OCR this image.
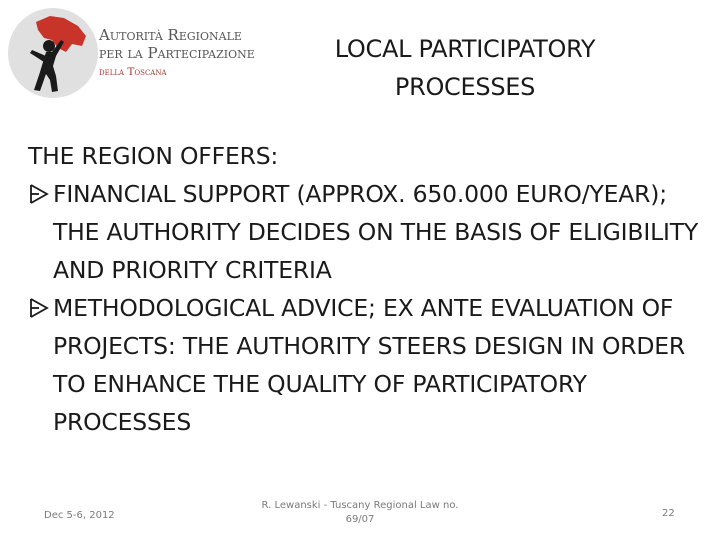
Autorità Regionale
per la Partecipazione
della Toscana
LOCAL PARTICIPATORY PROCESSES

THE REGION OFFERS:

FINANCIAL SUPPORT (APPROX. 650.000 EURO/YEAR); THE AUTHORITY DECIDES ON THE BASIS OF ELIGIBILITY AND PRIORITY CRITERIA
METHODOLOGICAL ADVICE; EX ANTE EVALUATION OF PROJECTS: THE AUTHORITY STEERS DESIGN IN ORDER TO ENHANCE THE QUALITY OF PARTICIPATORY PROCESSES
Dec 5-6, 2012
R. Lewanski - Tuscany Regional Law no. 69/07
22
